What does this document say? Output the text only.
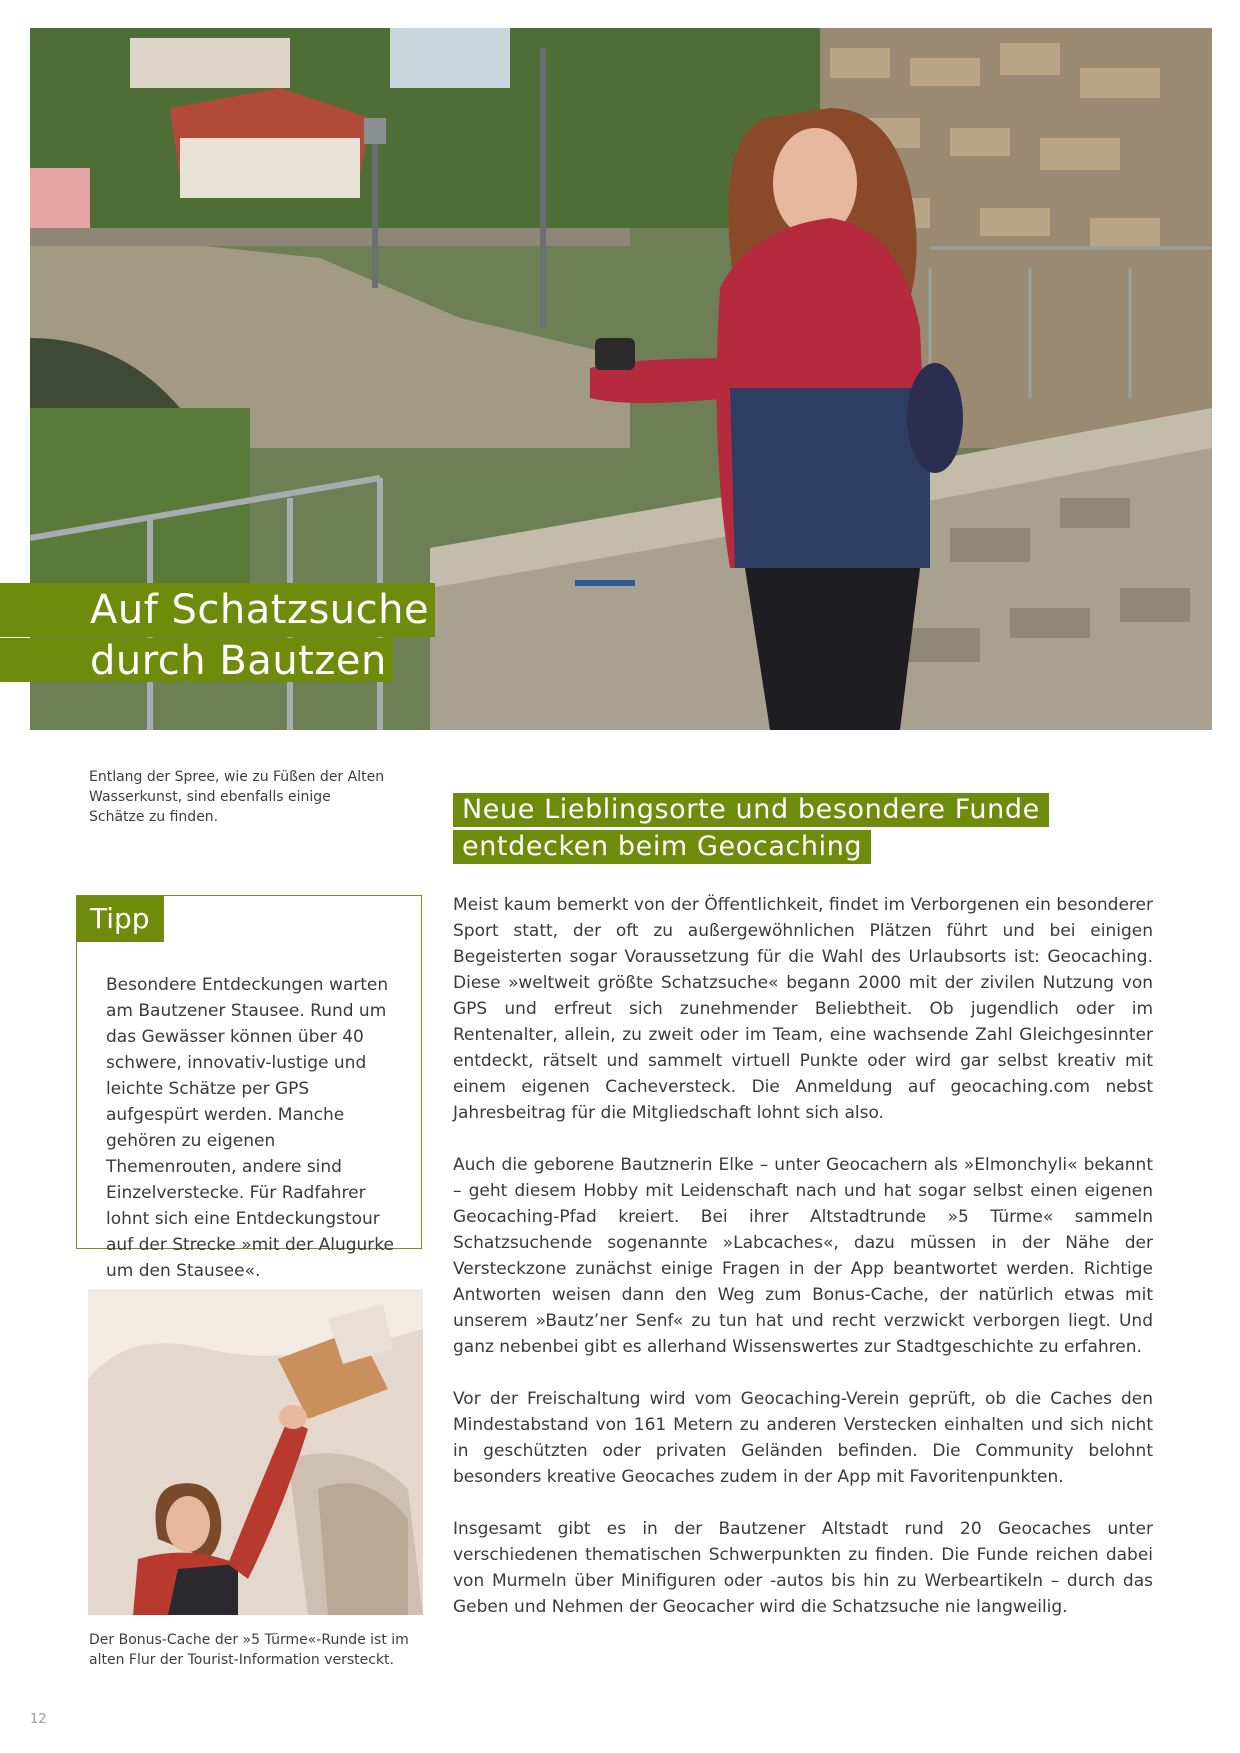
Auf Schatzsuche
durch Bautzen
Entlang der Spree, wie zu Füßen der Alten Wasserkunst, sind ebenfalls einige Schätze zu finden.
Tipp
Besondere Entdeckungen warten am Bautzener Stausee. Rund um das Gewässer können über 40 schwere, innovativ-lustige und leichte Schätze per GPS aufgespürt werden. Manche gehören zu eigenen Themenrouten, andere sind Einzelverstecke. Für Radfahrer lohnt sich eine Entdeckungstour auf der Strecke »mit der Alugurke um den Stausee«.
Der Bonus-Cache der »5 Türme«-Runde ist im alten Flur der Tourist-Information versteckt.
Neue Lieblingsorte und besondere Funde
entdecken beim Geocaching

Meist kaum bemerkt von der Öffentlichkeit, findet im Verborgenen ein besonderer Sport statt, der oft zu außergewöhnlichen Plätzen führt und bei einigen Begeisterten sogar Voraussetzung für die Wahl des Urlaubsorts ist: Geocaching. Diese »weltweit größte Schatzsuche« begann 2000 mit der zivilen Nutzung von GPS und erfreut sich zunehmender Beliebtheit. Ob jugendlich oder im Rentenalter, allein, zu zweit oder im Team, eine wachsende Zahl Gleichgesinnter entdeckt, rätselt und sammelt virtuell Punkte oder wird gar selbst kreativ mit einem eigenen Cacheversteck. Die Anmeldung auf geocaching.com nebst Jahresbeitrag für die Mitgliedschaft lohnt sich also.

Auch die geborene Bautznerin Elke – unter Geocachern als »Elmonchyli« bekannt – geht diesem Hobby mit Leidenschaft nach und hat sogar selbst einen eigenen Geocaching-Pfad kreiert. Bei ihrer Altstadtrunde »5 Türme« sammeln Schatzsuchende sogenannte »Labcaches«, dazu müssen in der Nähe der Versteckzone zunächst einige Fragen in der App beantwortet werden. Richtige Antworten weisen dann den Weg zum Bonus-Cache, der natürlich etwas mit unserem »Bautz’ner Senf« zu tun hat und recht verzwickt verborgen liegt. Und ganz nebenbei gibt es allerhand Wissenswertes zur Stadtgeschichte zu erfahren.

Vor der Freischaltung wird vom Geocaching-Verein geprüft, ob die Caches den Mindestabstand von 161 Metern zu anderen Verstecken einhalten und sich nicht in geschützten oder privaten Geländen befinden. Die Community belohnt besonders kreative Geocaches zudem in der App mit Favoritenpunkten.

Insgesamt gibt es in der Bautzener Altstadt rund 20 Geocaches unter verschiedenen thematischen Schwerpunkten zu finden. Die Funde reichen dabei von Murmeln über Minifiguren oder -autos bis hin zu Werbeartikeln – durch das Geben und Nehmen der Geocacher wird die Schatzsuche nie langweilig.

12
